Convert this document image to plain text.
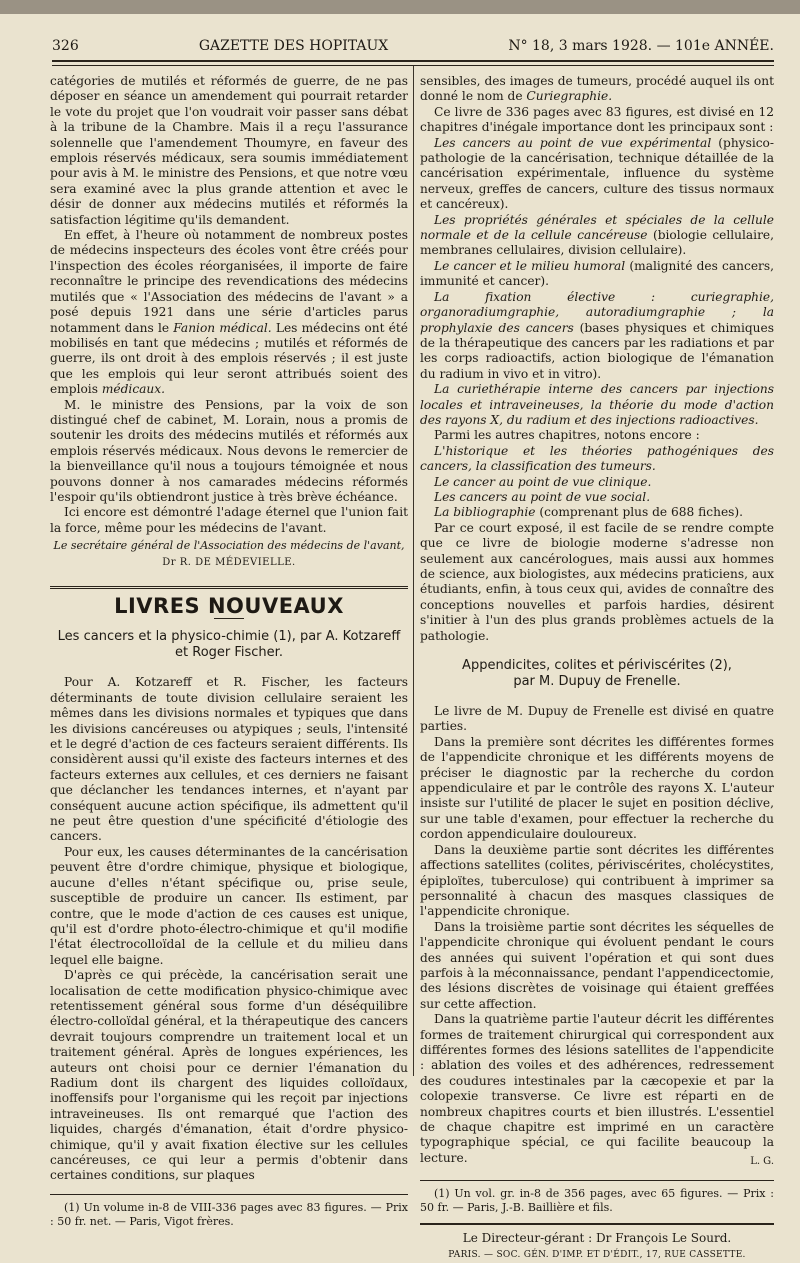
326	GAZETTE DES HOPITAUX	N° 18, 3 mars 1928. — 101e ANNÉE.

catégories de mutilés et réformés de guerre, de ne pas déposer en séance un amendement qui pourrait retarder le vote du projet que l'on voudrait voir passer sans débat à la tribune de la Chambre. Mais il a reçu l'assurance solennelle que l'amendement Thoumyre, en faveur des emplois réservés médicaux, sera soumis immédiatement pour avis à M. le ministre des Pensions, et que notre vœu sera examiné avec la plus grande attention et avec le désir de donner aux médecins mutilés et réformés la satisfaction légitime qu'ils demandent.

En effet, à l'heure où notamment de nombreux postes de médecins inspecteurs des écoles vont être créés pour l'inspection des écoles réorganisées, il importe de faire reconnaître le principe des revendications des médecins mutilés que « l'Association des médecins de l'avant » a posé depuis 1921 dans une série d'articles parus notamment dans le Fanion médical. Les médecins ont été mobilisés en tant que médecins ; mutilés et réformés de guerre, ils ont droit à des emplois réservés ; il est juste que les emplois qui leur seront attribués soient des emplois médicaux.

M. le ministre des Pensions, par la voix de son distingué chef de cabinet, M. Lorain, nous a promis de soutenir les droits des médecins mutilés et réformés aux emplois réservés médicaux. Nous devons le remercier de la bienveillance qu'il nous a toujours témoignée et nous pouvons donner à nos camarades médecins réformés l'espoir qu'ils obtiendront justice à très brève échéance.

Ici encore est démontré l'adage éternel que l'union fait la force, même pour les médecins de l'avant.

Le secrétaire général de l'Association des médecins de l'avant,
Dr R. DE MÉDEVIELLE.
LIVRES NOUVEAUX
Les cancers et la physico-chimie (1), par A. Kotzareff et Roger Fischer.

Pour A. Kotzareff et R. Fischer, les facteurs déterminants de toute division cellulaire seraient les mêmes dans les divisions normales et typiques que dans les divisions cancéreuses ou atypiques ; seuls, l'intensité et le degré d'action de ces facteurs seraient différents. Ils considèrent aussi qu'il existe des facteurs internes et des facteurs externes aux cellules, et ces derniers ne faisant que déclancher les tendances internes, et n'ayant par conséquent aucune action spécifique, ils admettent qu'il ne peut être question d'une spécificité d'étiologie des cancers.

Pour eux, les causes déterminantes de la cancérisation peuvent être d'ordre chimique, physique et biologique, aucune d'elles n'étant spécifique ou, prise seule, susceptible de produire un cancer. Ils estiment, par contre, que le mode d'action de ces causes est unique, qu'il est d'ordre photo-électro-chimique et qu'il modifie l'état électrocolloïdal de la cellule et du milieu dans lequel elle baigne.

D'après ce qui précède, la cancérisation serait une localisation de cette modification physico-chimique avec retentissement général sous forme d'un déséquilibre électro-colloïdal général, et la thérapeutique des cancers devrait toujours comprendre un traitement local et un traitement général. Après de longues expériences, les auteurs ont choisi pour ce dernier l'émanation du Radium dont ils chargent des liquides colloïdaux, inoffensifs pour l'organisme qui les reçoit par injections intraveineuses. Ils ont remarqué que l'action des liquides, chargés d'émanation, était d'ordre physico-chimique, qu'il y avait fixation élective sur les cellules cancéreuses, ce qui leur a permis d'obtenir dans certaines conditions, sur plaques

(1) Un volume in-8 de VIII-336 pages avec 83 figures. — Prix : 50 fr. net. — Paris, Vigot frères.

sensibles, des images de tumeurs, procédé auquel ils ont donné le nom de Curiegraphie.

Ce livre de 336 pages avec 83 figures, est divisé en 12 chapitres d'inégale importance dont les principaux sont :

Les cancers au point de vue expérimental (physico-pathologie de la cancérisation, technique détaillée de la cancérisation expérimentale, influence du système nerveux, greffes de cancers, culture des tissus normaux et cancéreux).

Les propriétés générales et spéciales de la cellule normale et de la cellule cancéreuse (biologie cellulaire, membranes cellulaires, division cellulaire).

Le cancer et le milieu humoral (malignité des cancers, immunité et cancer).

La fixation élective : curiegraphie, organoradiumgraphie, autoradiumgraphie ; la prophylaxie des cancers (bases physiques et chimiques de la thérapeutique des cancers par les radiations et par les corps radioactifs, action biologique de l'émanation du radium in vivo et in vitro).

La curiethérapie interne des cancers par injections locales et intraveineuses, la théorie du mode d'action des rayons X, du radium et des injections radioactives.

Parmi les autres chapitres, notons encore :

L'historique et les théories pathogéniques des cancers, la classification des tumeurs.

Le cancer au point de vue clinique.

Les cancers au point de vue social.

La bibliographie (comprenant plus de 688 fiches).

Par ce court exposé, il est facile de se rendre compte que ce livre de biologie moderne s'adresse non seulement aux cancérologues, mais aussi aux hommes de science, aux biologistes, aux médecins praticiens, aux étudiants, enfin, à tous ceux qui, avides de connaître des conceptions nouvelles et parfois hardies, désirent s'initier à l'un des plus grands problèmes actuels de la pathologie.

Appendicites, colites et périviscérites (2),
par M. Dupuy de Frenelle.

Le livre de M. Dupuy de Frenelle est divisé en quatre parties.

Dans la première sont décrites les différentes formes de l'appendicite chronique et les différents moyens de préciser le diagnostic par la recherche du cordon appendiculaire et par le contrôle des rayons X. L'auteur insiste sur l'utilité de placer le sujet en position déclive, sur une table d'examen, pour effectuer la recherche du cordon appendiculaire douloureux.

Dans la deuxième partie sont décrites les différentes affections satellites (colites, périviscérites, cholécystites, épiploïtes, tuberculose) qui contribuent à imprimer sa personnalité à chacun des masques classiques de l'appendicite chronique.

Dans la troisième partie sont décrites les séquelles de l'appendicite chronique qui évoluent pendant le cours des années qui suivent l'opération et qui sont dues parfois à la méconnaissance, pendant l'appendicectomie, des lésions discrètes de voisinage qui étaient greffées sur cette affection.

Dans la quatrième partie l'auteur décrit les différentes formes de traitement chirurgical qui correspondent aux différentes formes des lésions satellites de l'appendicite : ablation des voiles et des adhérences, redressement des coudures intestinales par la cæcopexie et par la colopexie transverse. Ce livre est réparti en de nombreux chapitres courts et bien illustrés. L'essentiel de chaque chapitre est imprimé en un caractère typographique spécial, ce qui facilite beaucoup la lecture.	L. G.

(1) Un vol. gr. in-8 de 356 pages, avec 65 figures. — Prix : 50 fr. — Paris, J.-B. Baillière et fils.

Le Directeur-gérant : Dr François Le Sourd.
PARIS. — SOC. GÉN. D'IMP. ET D'ÉDIT., 17, RUE CASSETTE.
